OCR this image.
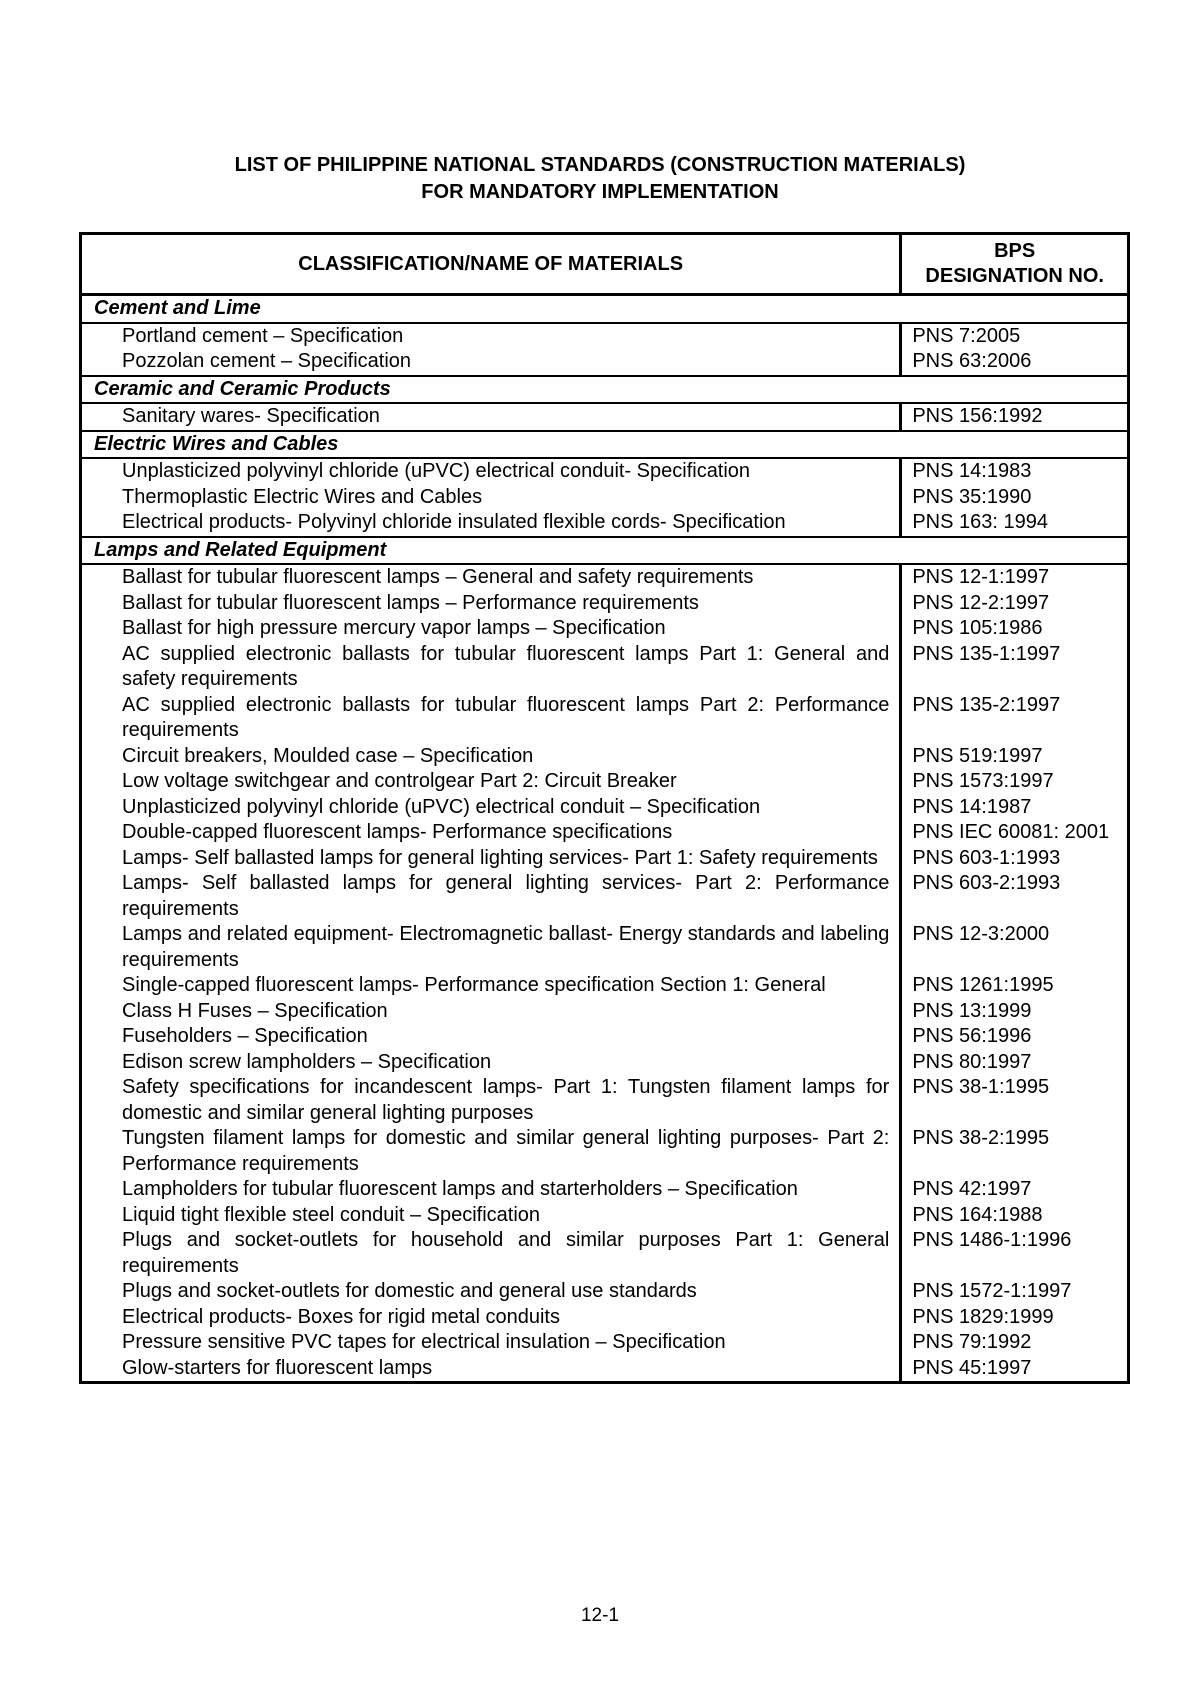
LIST OF PHILIPPINE NATIONAL STANDARDS (CONSTRUCTION MATERIALS)
FOR MANDATORY IMPLEMENTATION
CLASSIFICATION/NAME OF MATERIALS	BPS
DESIGNATION NO.

Cement and Lime	
Portland cement – Specification	PNS 7:2005
Pozzolan cement – Specification	PNS 63:2006
Ceramic and Ceramic Products	
Sanitary wares- Specification	PNS 156:1992
Electric Wires and Cables	
Unplasticized polyvinyl chloride (uPVC) electrical conduit- Specification	PNS 14:1983
Thermoplastic Electric Wires and Cables	PNS 35:1990
Electrical products- Polyvinyl chloride insulated flexible cords- Specification	PNS 163: 1994
Lamps and Related Equipment	
Ballast for tubular fluorescent lamps – General and safety requirements	PNS 12-1:1997
Ballast for tubular fluorescent lamps – Performance requirements	PNS 12-2:1997
Ballast for high pressure mercury vapor lamps – Specification	PNS 105:1986
AC supplied electronic ballasts for tubular fluorescent lamps Part 1: General and safety requirements	PNS 135-1:1997
AC supplied electronic ballasts for tubular fluorescent lamps Part 2: Performance requirements	PNS 135-2:1997
Circuit breakers, Moulded case – Specification	PNS 519:1997
Low voltage switchgear and controlgear Part 2: Circuit Breaker	PNS 1573:1997
Unplasticized polyvinyl chloride (uPVC) electrical conduit – Specification	PNS 14:1987
Double-capped fluorescent lamps- Performance specifications	PNS IEC 60081: 2001
Lamps- Self ballasted lamps for general lighting services- Part 1: Safety requirements	PNS 603-1:1993
Lamps- Self ballasted lamps for general lighting services- Part 2: Performance requirements	PNS 603-2:1993
Lamps and related equipment- Electromagnetic ballast- Energy standards and labeling requirements	PNS 12-3:2000
Single-capped fluorescent lamps- Performance specification Section 1: General	PNS 1261:1995
Class H Fuses – Specification	PNS 13:1999
Fuseholders – Specification	PNS 56:1996
Edison screw lampholders – Specification	PNS 80:1997
Safety specifications for incandescent lamps- Part 1: Tungsten filament lamps for domestic and similar general lighting purposes	PNS 38-1:1995
Tungsten filament lamps for domestic and similar general lighting purposes- Part 2: Performance requirements	PNS 38-2:1995
Lampholders for tubular fluorescent lamps and starterholders – Specification	PNS 42:1997
Liquid tight flexible steel conduit – Specification	PNS 164:1988
Plugs and socket-outlets for household and similar purposes Part 1: General requirements	PNS 1486-1:1996
Plugs and socket-outlets for domestic and general use standards	PNS 1572-1:1997
Electrical products- Boxes for rigid metal conduits	PNS 1829:1999
Pressure sensitive PVC tapes for electrical insulation – Specification	PNS 79:1992
Glow-starters for fluorescent lamps	PNS 45:1997
12-1
